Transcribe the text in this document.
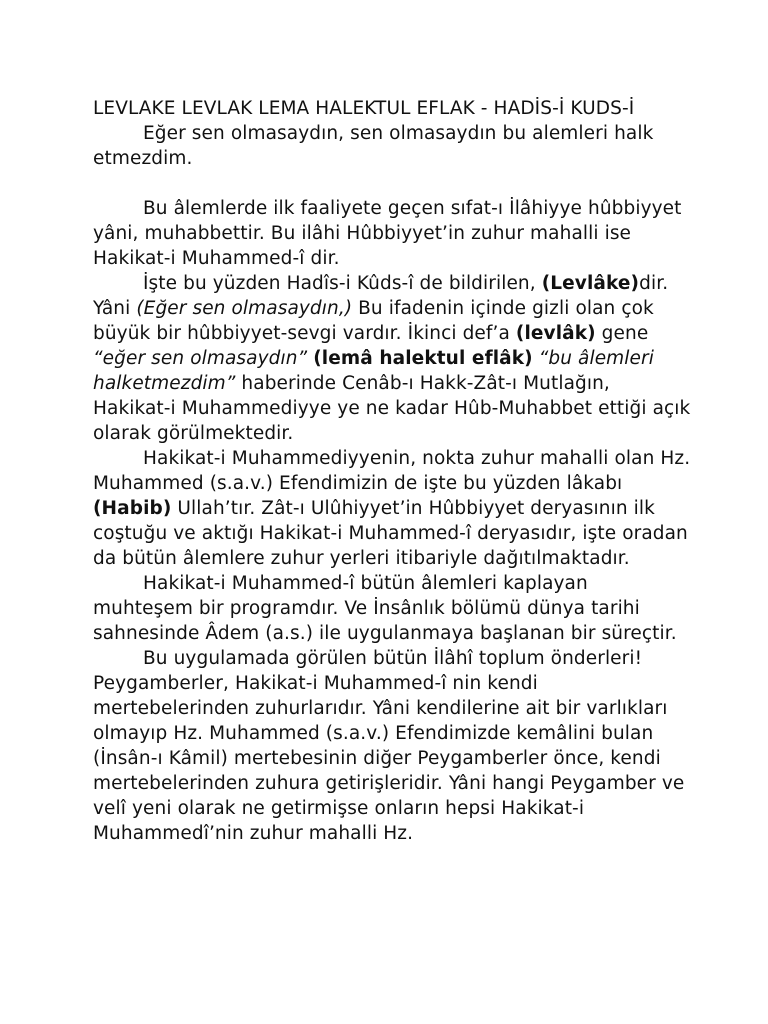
LEVLAKE LEVLAK LEMA HALEKTUL EFLAK - HADİS-İ KUDS-İ

Eğer sen olmasaydın, sen olmasaydın bu alemleri halk etmezdim.

Bu âlemlerde ilk faaliyete geçen sıfat-ı İlâhiyye hûbbiyyet yâni, muhabbettir. Bu ilâhi Hûbbiyyet’in zuhur mahalli ise Hakikat-i Muhammed-î dir.

İşte bu yüzden Hadîs-i Kûds-î de bildirilen, (Levlâke)dir. Yâni (Eğer sen olmasaydın,) Bu ifadenin içinde gizli olan çok büyük bir hûbbiyyet-sevgi vardır. İkinci def’a (levlâk) gene “eğer sen olmasaydın” (lemâ halektul eflâk) “bu âlemleri halketmezdim” haberinde Cenâb-ı Hakk-Zât-ı Mutlağın, Hakikat-i Muhammediyye ye ne kadar Hûb-Muhabbet ettiği açık olarak görülmektedir.

Hakikat-i Muhammediyyenin, nokta zuhur mahalli olan Hz. Muhammed (s.a.v.) Efendimizin de işte bu yüzden lâkabı (Habib) Ullah’tır. Zât-ı Ulûhiyyet’in Hûbbiyyet deryasının ilk coştuğu ve aktığı Hakikat-i Muhammed-î deryasıdır, işte oradan da bütün âlemlere zuhur yerleri itibariyle dağıtılmaktadır.

Hakikat-i Muhammed-î bütün âlemleri kaplayan muhteşem bir programdır. Ve İnsânlık bölümü dünya tarihi sahnesinde Âdem (a.s.) ile uygulanmaya başlanan bir süreçtir.

Bu uygulamada görülen bütün İlâhî toplum önderleri! Peygamberler, Hakikat-i Muhammed-î nin kendi mertebelerinden zuhurlarıdır. Yâni kendilerine ait bir varlıkları olmayıp Hz. Muhammed (s.a.v.) Efendimizde kemâlini bulan (İnsân-ı Kâmil) mertebesinin diğer Peygamberler önce, kendi mertebelerinden zuhura getirişleridir. Yâni hangi Peygamber ve velî yeni olarak ne getirmişse onların hepsi Hakikat-i Muhammedî’nin zuhur mahalli Hz.
